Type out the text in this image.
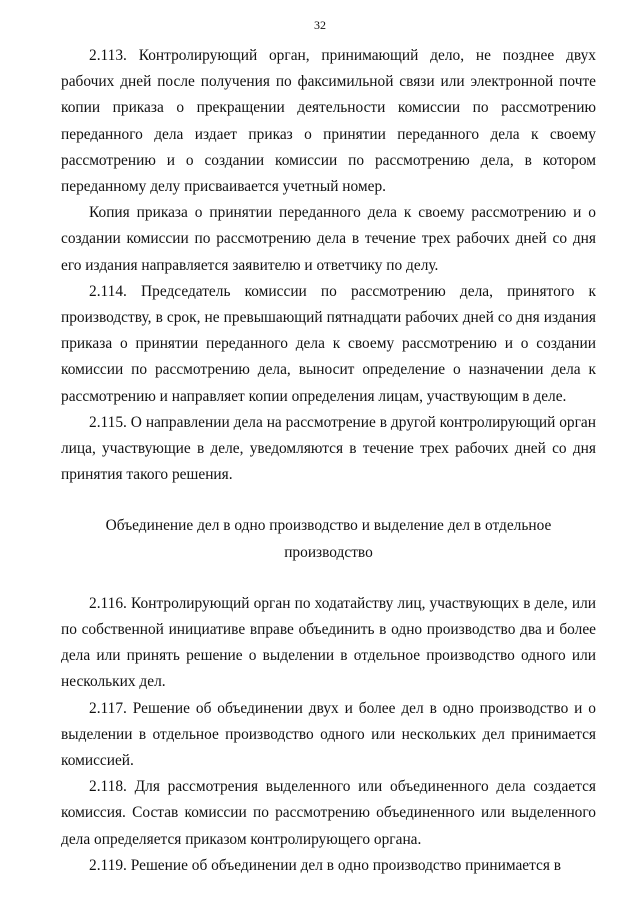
32

2.113. Контролирующий орган, принимающий дело, не позднее двух рабочих дней после получения по факсимильной связи или электронной почте копии приказа о прекращении деятельности комиссии по рассмотрению переданного дела издает приказ о принятии переданного дела к своему рассмотрению и о создании комиссии по рассмотрению дела, в котором переданному делу присваивается учетный номер.

Копия приказа о принятии переданного дела к своему рассмотрению и о создании комиссии по рассмотрению дела в течение трех рабочих дней со дня его издания направляется заявителю и ответчику по делу.

2.114. Председатель комиссии по рассмотрению дела, принятого к производству, в срок, не превышающий пятнадцати рабочих дней со дня издания приказа о принятии переданного дела к своему рассмотрению и о создании комиссии по рассмотрению дела, выносит определение о назначении дела к рассмотрению и направляет копии определения лицам, участвующим в деле.

2.115. О направлении дела на рассмотрение в другой контролирующий орган лица, участвующие в деле, уведомляются в течение трех рабочих дней со дня принятия такого решения.

Объединение дел в одно производство и выделение дел в отдельное производство

2.116. Контролирующий орган по ходатайству лиц, участвующих в деле, или по собственной инициативе вправе объединить в одно производство два и более дела или принять решение о выделении в отдельное производство одного или нескольких дел.

2.117. Решение об объединении двух и более дел в одно производство и о выделении в отдельное производство одного или нескольких дел принимается комиссией.

2.118. Для рассмотрения выделенного или объединенного дела создается комиссия. Состав комиссии по рассмотрению объединенного или выделенного дела определяется приказом контролирующего органа.

2.119. Решение об объединении дел в одно производство принимается в
